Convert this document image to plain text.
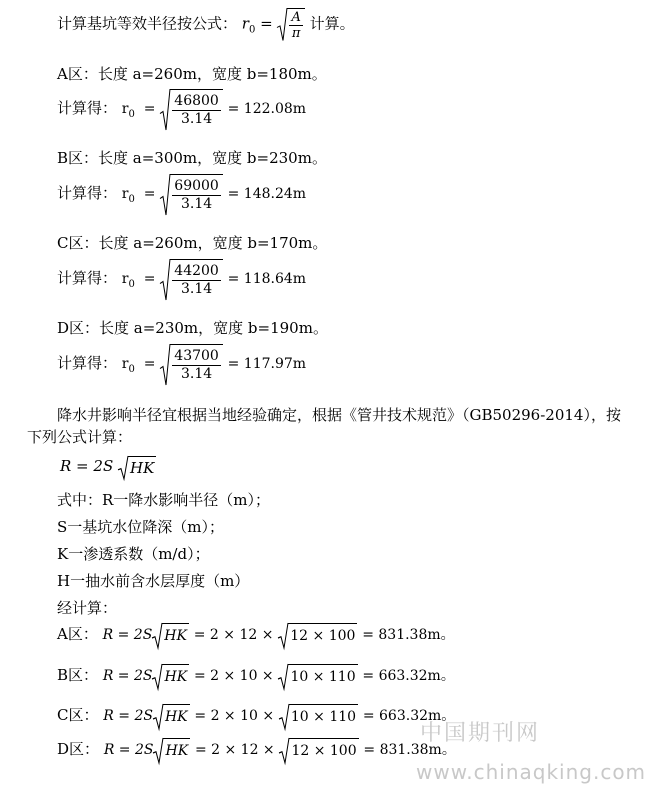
计算基坑等效半径按公式： $r_0 = \frac{A}{\pi}$ 计算。
A区：长度 a=260m，宽度 b=180m。
计算得： $r_0 = \frac{46800}{3.14} = 122.08m$
B区：长度 a=300m，宽度 b=230m。
计算得： $r_0 = \frac{69000}{3.14} = 148.24m$
C区：长度 a=260m，宽度 b=170m。
计算得： $r_0 = \frac{44200}{3.14} = 118.64m$
D区：长度 a=230m，宽度 b=190m。
计算得： $r_0 = \frac{43700}{3.14} = 117.97m$
降水井影响半径宜根据当地经验确定，根据《管井技术规范》（GB50296-2014），按下列公式计算：
R = 2S HK
式中：R一降水影响半径（m）；
S一基坑水位降深（m）；
K一渗透系数（m/d）；
H一抽水前含水层厚度（m）
经计算：
A区： R = 2S HK = 2 × 12 × 12 × 100 = 831.38m。
B区： R = 2S HK = 2 × 10 × 10 × 110 = 663.32m。
C区： R = 2S HK = 2 × 10 × 10 × 110 = 663.32m。
D区： R = 2S HK = 2 × 12 × 12 × 100 = 831.38m。
中国期刊网
www.chinaqking.com
